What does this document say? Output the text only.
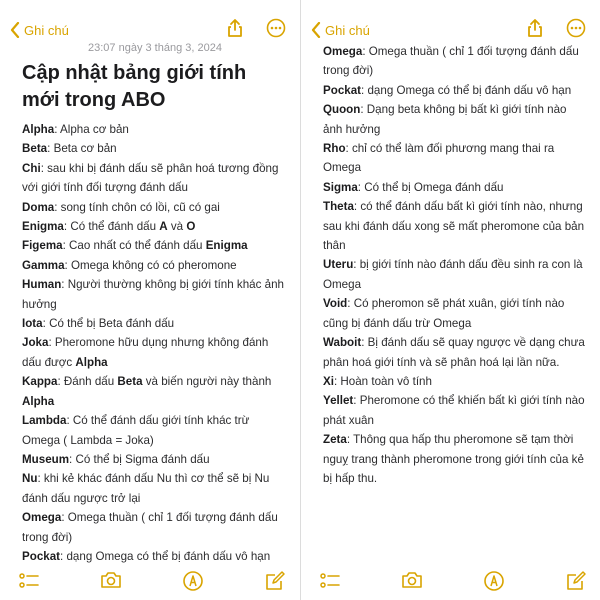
Ghi chú
23:07 ngày 3 tháng 3, 2024
Cập nhật bảng giới tính mới trong ABO
Alpha: Alpha cơ bản
Beta: Beta cơ bản
Chi: sau khi bị đánh dấu sẽ phân hoá tương đồng với giới tính đối tượng đánh dấu
Doma: song tính chôn có lồi, cũ có gai
Enigma: Có thể đánh dấu A và O
Figema: Cao nhất có thể đánh dấu Enigma
Gamma: Omega không có có pheromone
Human: Người thường không bị giới tính khác ảnh hưởng
Iota: Có thể bị Beta đánh dấu
Joka: Pheromone hữu dụng nhưng không đánh dấu được Alpha
Kappa: Đánh dấu Beta và biến người này thành Alpha
Lambda: Có thể đánh dấu giới tính khác trừ Omega ( Lambda = Joka)
Museum: Có thể bị Sigma đánh dấu
Nu: khi kẻ khác đánh dấu Nu thì cơ thể sẽ bị Nu đánh dấu ngược trở lại
Omega: Omega thuần ( chỉ 1 đối tượng đánh dấu trong đời)
Pockat: dạng Omega có thể bị đánh dấu vô hạn
Ghi chú
Omega: Omega thuần ( chỉ 1 đối tượng đánh dấu trong đời)
Pockat: dạng Omega có thể bị đánh dấu vô hạn
Quoon: Dạng beta không bị bất kì giới tính nào ảnh hưởng
Rho: chỉ có thể làm đối phương mang thai ra Omega
Sigma: Có thể bị Omega đánh dấu
Theta: có thể đánh dấu bất kì giới tính nào, nhưng sau khi đánh dấu xong sẽ mất pheromone của bản thân
Uteru: bị giới tính nào đánh dấu đều sinh ra con là Omega
Void: Có pheromon sẽ phát xuân, giới tính nào cũng bị đánh dấu trừ Omega
Waboit: Bị đánh dấu sẽ quay ngược về dạng chưa phân hoá giới tính và sẽ phân hoá lại lần nữa.
Xi: Hoàn toàn vô tính
Yellet: Pheromone có thể khiến bất kì giới tính nào phát xuân
Zeta: Thông qua hấp thu pheromone sẽ tạm thời nguỵ trang thành pheromone trong giới tính của kẻ bị hấp thu.
